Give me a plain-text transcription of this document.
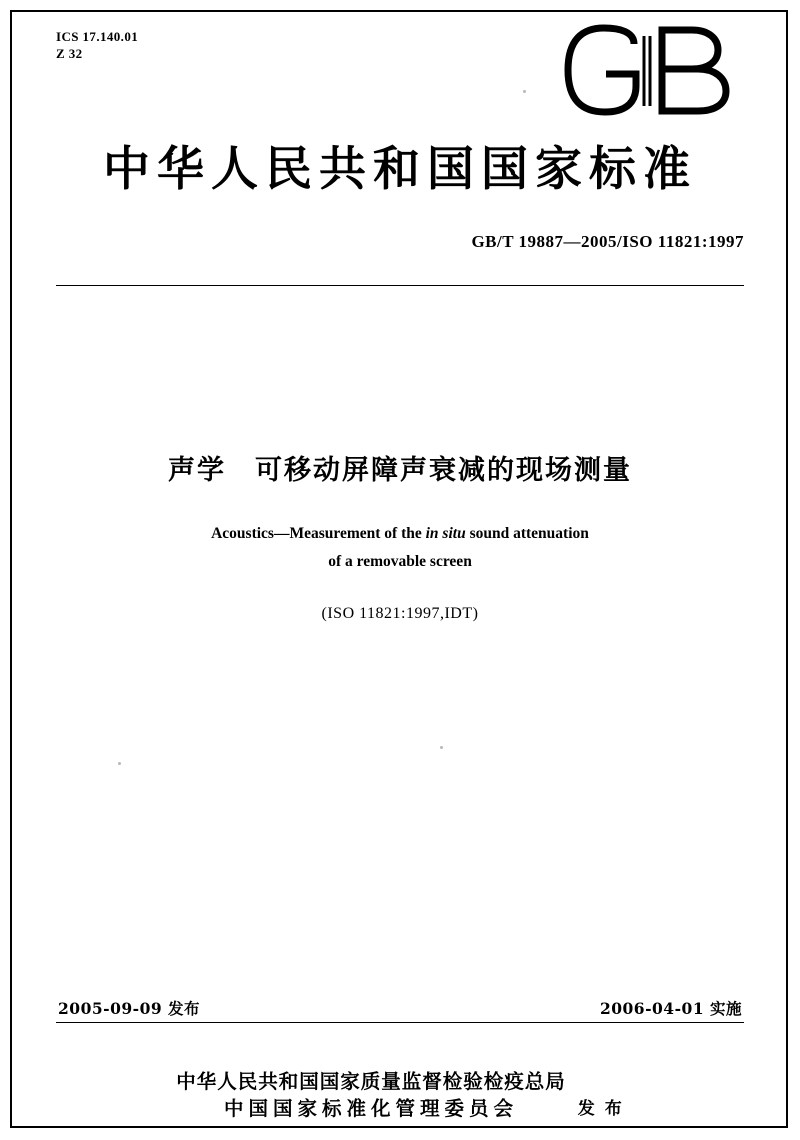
ICS 17.140.01
Z 32
中华人民共和国国家标准
GB/T 19887—2005/ISO 11821:1997
声学　可移动屏障声衰减的现场测量
Acoustics—Measurement of the in situ sound attenuation
of a removable screen
(ISO 11821:1997,IDT)
2005-09-09 发布	2006-04-01 实施
中华人民共和国国家质量监督检验检疫总局
中国国家标准化管理委员会	发 布
